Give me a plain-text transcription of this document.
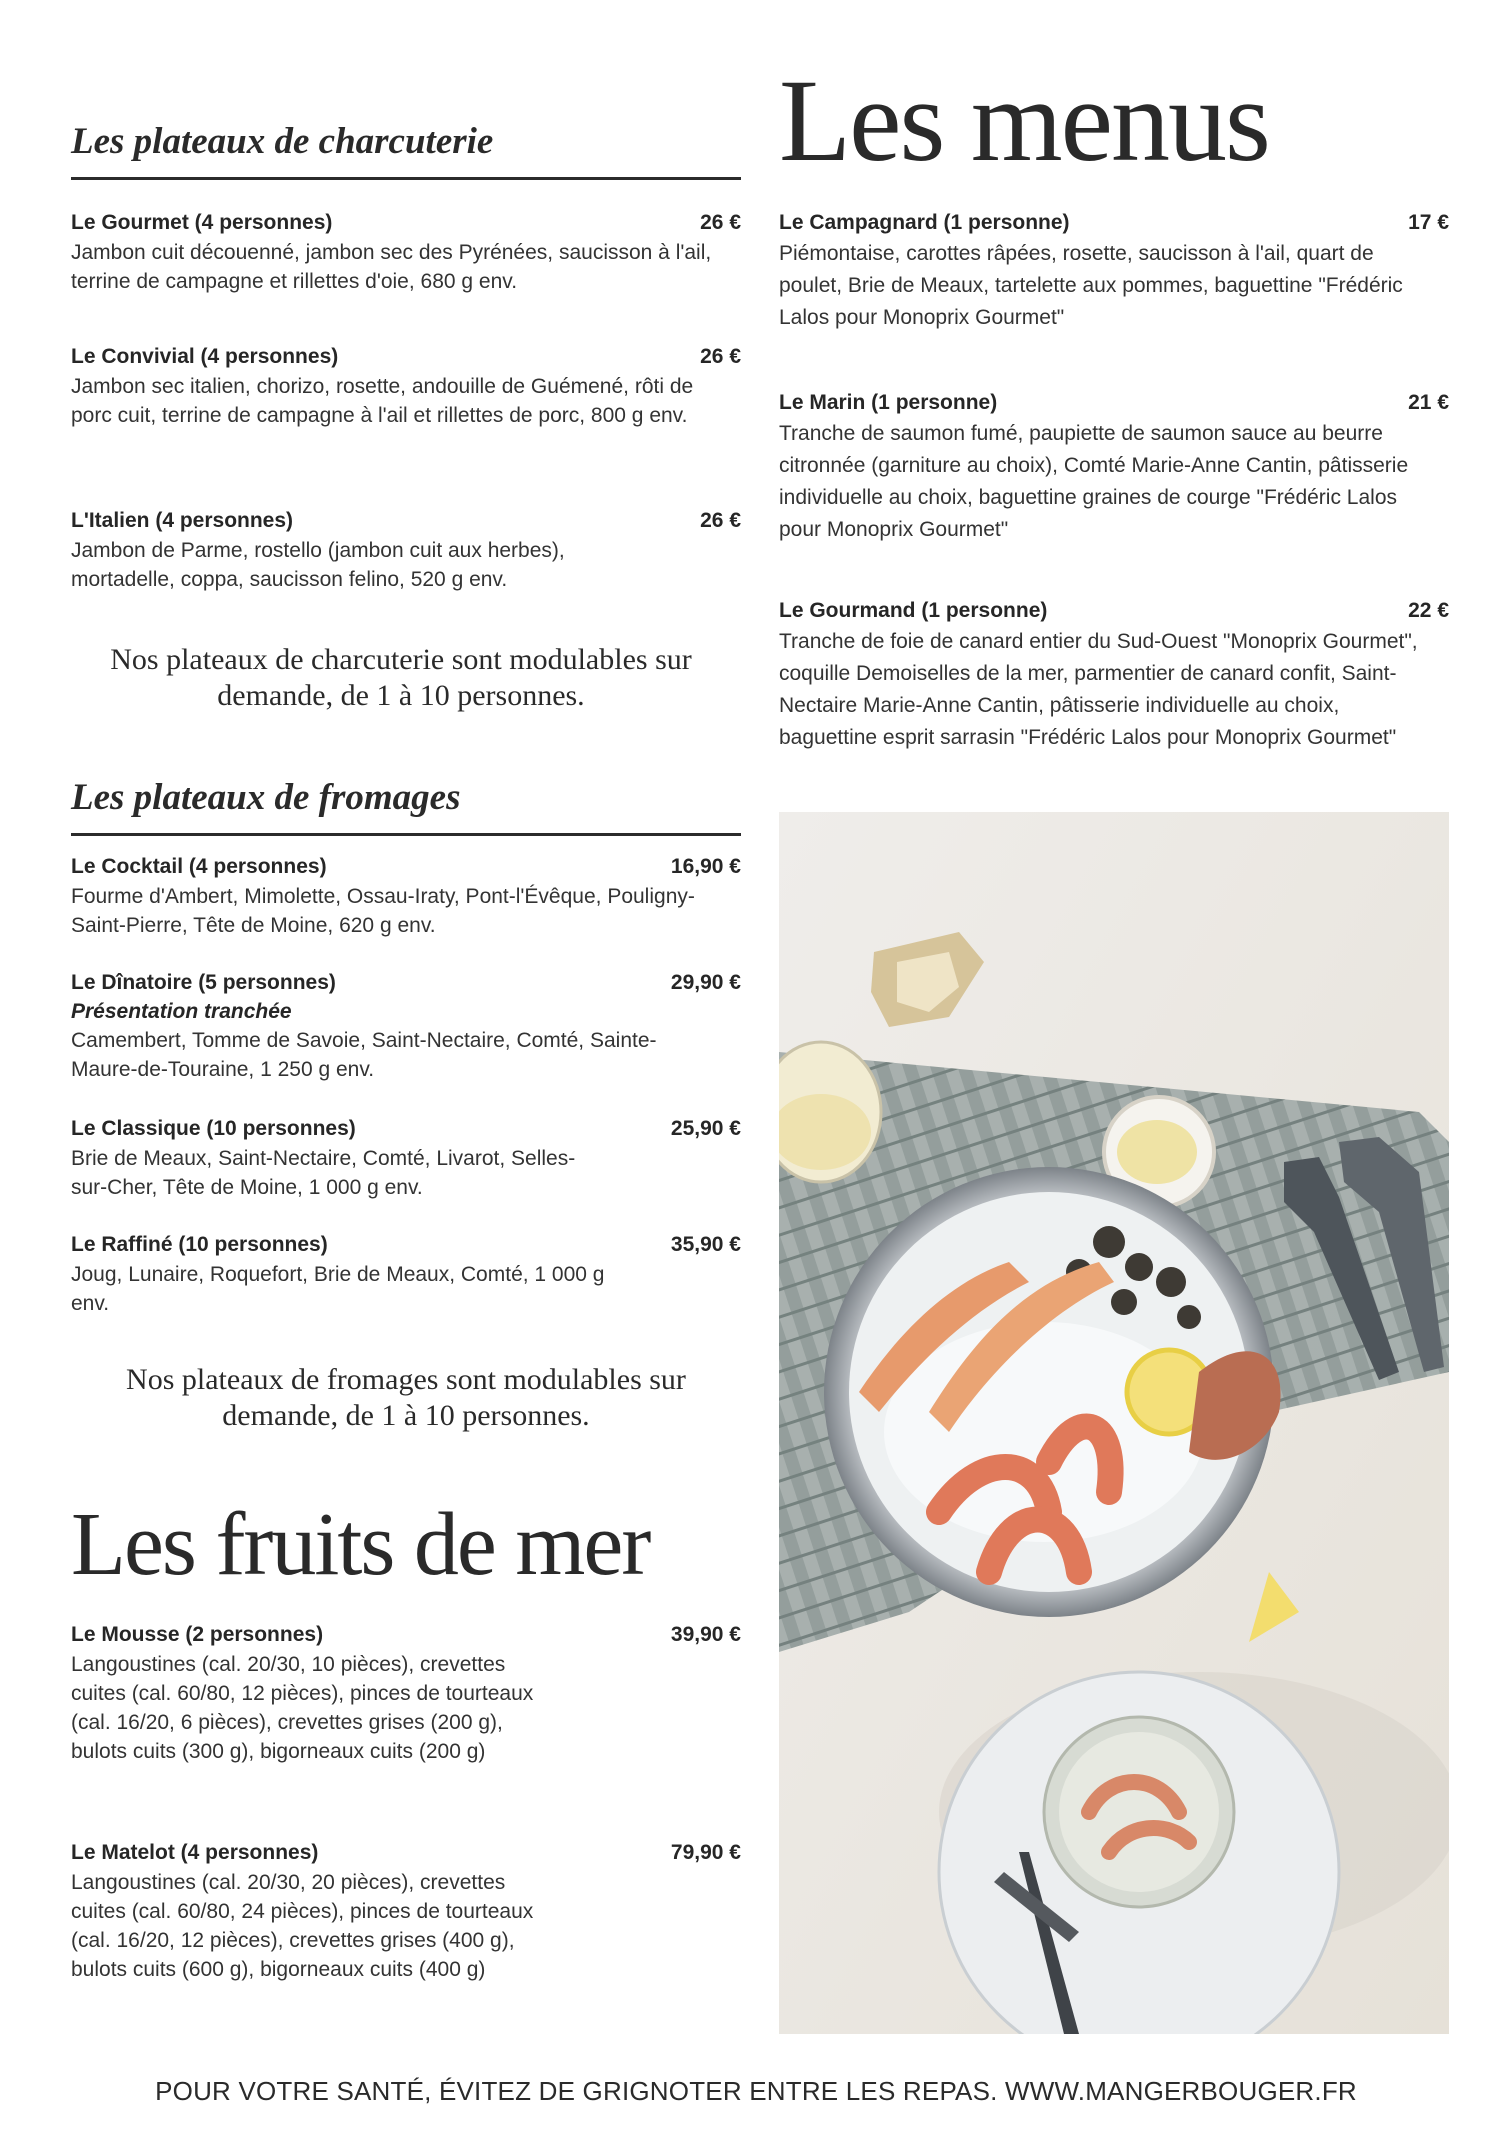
Les plateaux de charcuterie
Le Gourmet (4 personnes)	26 €
Jambon cuit découenné, jambon sec des Pyrénées, saucisson à l'ail, terrine de campagne et rillettes d'oie, 680 g env.
Le Convivial (4 personnes)	26 €
Jambon sec italien, chorizo, rosette, andouille de Guémené, rôti de porc cuit, terrine de campagne à l'ail et rillettes de porc, 800 g env.
L'Italien (4 personnes)	26 €
Jambon de Parme, rostello (jambon cuit aux herbes), mortadelle, coppa, saucisson felino, 520 g env.
Nos plateaux de charcuterie sont modulables sur demande, de 1 à 10 personnes.
Les plateaux de fromages
Le Cocktail (4 personnes)	16,90 €
Fourme d'Ambert, Mimolette, Ossau-Iraty, Pont-l'Évêque, Pouligny-Saint-Pierre, Tête de Moine, 620 g env.
Le Dînatoire (5 personnes)	29,90 €
Présentation tranchée
Camembert, Tomme de Savoie, Saint-Nectaire, Comté, Sainte-Maure-de-Touraine, 1 250 g env.
Le Classique (10 personnes)	25,90 €
Brie de Meaux, Saint-Nectaire, Comté, Livarot, Selles-sur-Cher, Tête de Moine, 1 000 g env.
Le Raffiné (10 personnes)	35,90 €
Joug, Lunaire, Roquefort, Brie de Meaux, Comté, 1 000 g env.
Nos plateaux de fromages sont modulables sur demande, de 1 à 10 personnes.
Les fruits de mer
Le Mousse (2 personnes)	39,90 €
Langoustines (cal. 20/30, 10 pièces), crevettes cuites (cal. 60/80, 12 pièces), pinces de tourteaux (cal. 16/20, 6 pièces), crevettes grises (200 g), bulots cuits (300 g), bigorneaux cuits (200 g)
Le Matelot (4 personnes)	79,90 €
Langoustines (cal. 20/30, 20 pièces), crevettes cuites (cal. 60/80, 24 pièces), pinces de tourteaux (cal. 16/20, 12 pièces), crevettes grises (400 g), bulots cuits (600 g), bigorneaux cuits (400 g)
Les menus
Le Campagnard (1 personne)	17 €
Piémontaise, carottes râpées, rosette, saucisson à l'ail, quart de poulet, Brie de Meaux, tartelette aux pommes, baguettine "Frédéric Lalos pour Monoprix Gourmet"
Le Marin (1 personne)	21 €
Tranche de saumon fumé, paupiette de saumon sauce au beurre citronnée (garniture au choix), Comté Marie-Anne Cantin, pâtisserie individuelle au choix, baguettine graines de courge "Frédéric Lalos pour Monoprix Gourmet"
Le Gourmand (1 personne)	22 €
Tranche de foie de canard entier du Sud-Ouest "Monoprix Gourmet", coquille Demoiselles de la mer, parmentier de canard confit, Saint-Nectaire Marie-Anne Cantin, pâtisserie individuelle au choix, baguettine esprit sarrasin "Frédéric Lalos pour Monoprix Gourmet"
POUR VOTRE SANTÉ, ÉVITEZ DE GRIGNOTER ENTRE LES REPAS. WWW.MANGERBOUGER.FR
